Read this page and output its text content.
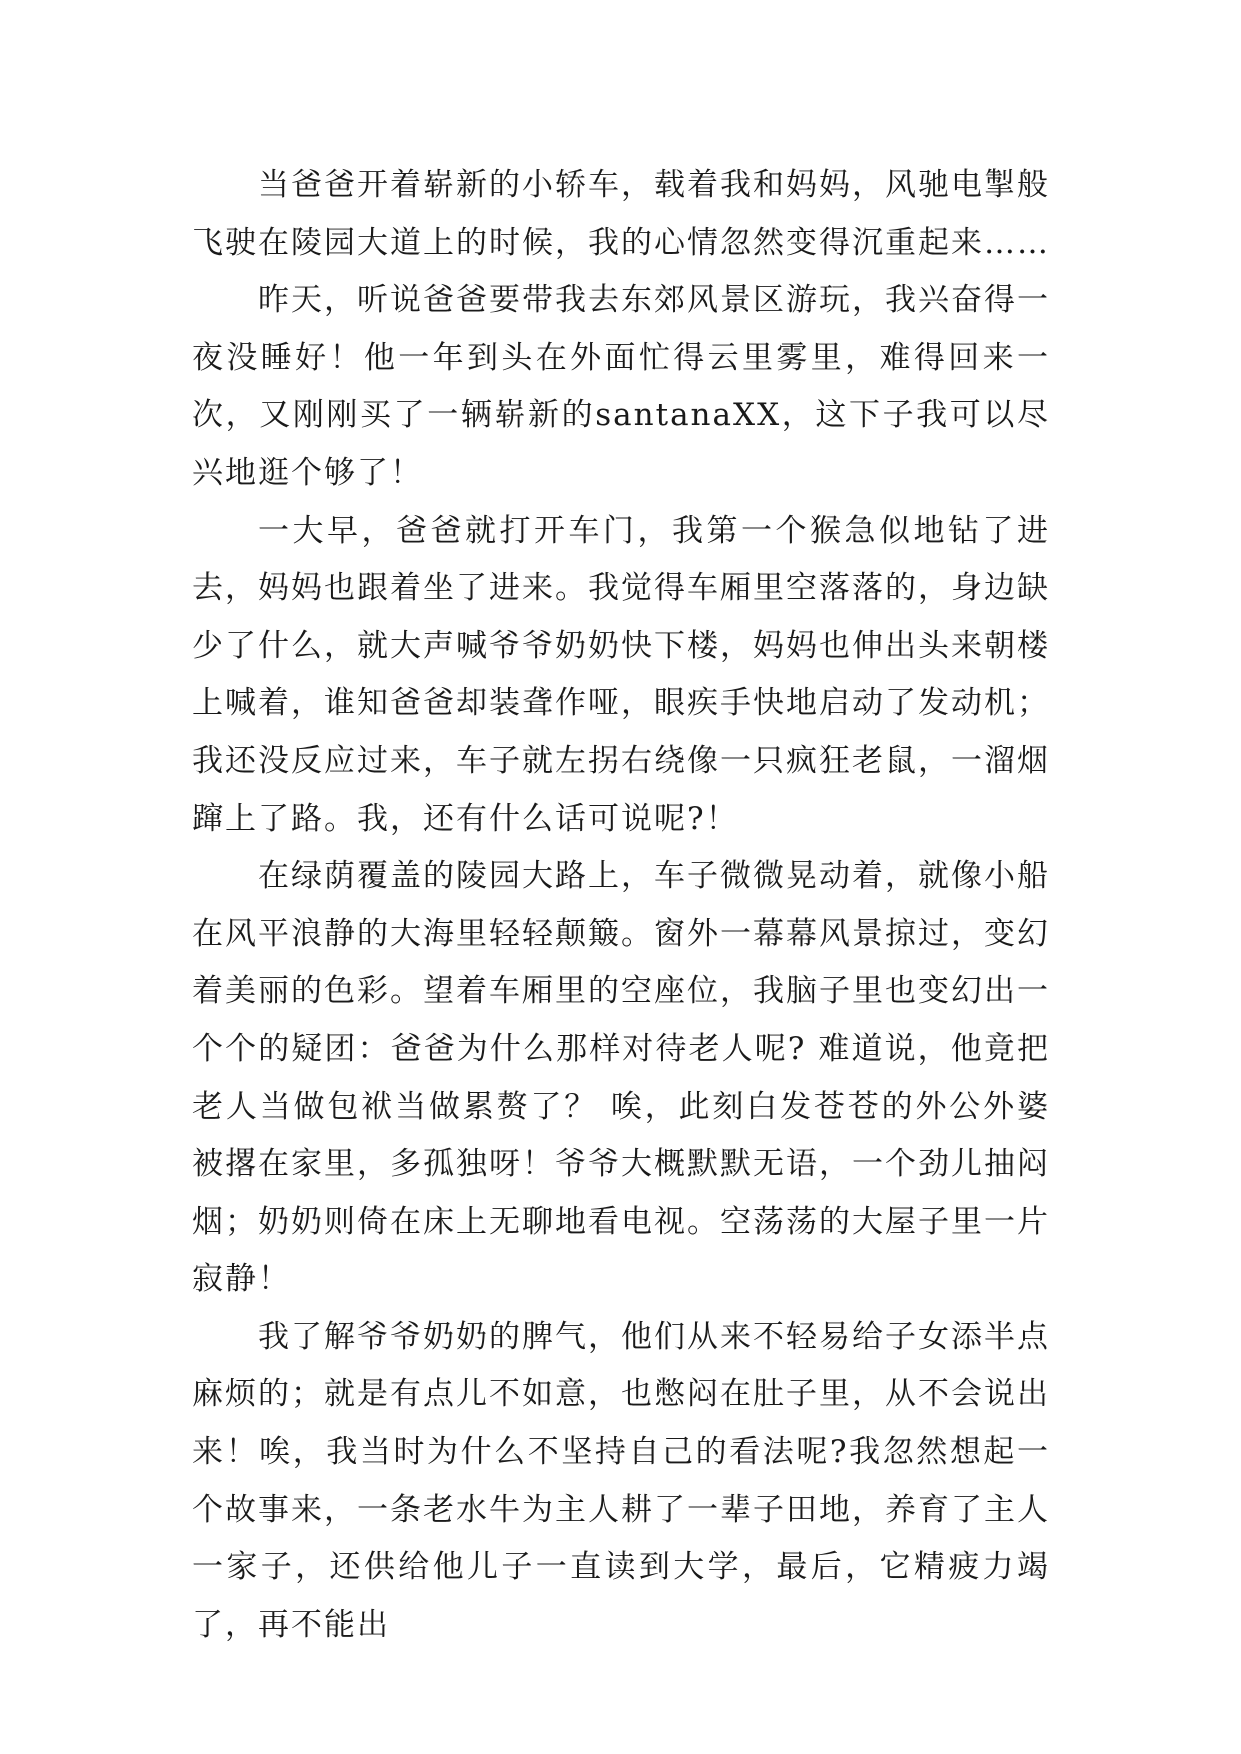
当爸爸开着崭新的小轿车，载着我和妈妈，风驰电掣般飞驶在陵园大道上的时候，我的心情忽然变得沉重起来……

昨天，听说爸爸要带我去东郊风景区游玩，我兴奋得一夜没睡好！他一年到头在外面忙得云里雾里，难得回来一次，又刚刚买了一辆崭新的santanaXX，这下子我可以尽兴地逛个够了！

一大早，爸爸就打开车门，我第一个猴急似地钻了进去，妈妈也跟着坐了进来。我觉得车厢里空落落的，身边缺少了什么，就大声喊爷爷奶奶快下楼，妈妈也伸出头来朝楼上喊着，谁知爸爸却装聋作哑，眼疾手快地启动了发动机；我还没反应过来，车子就左拐右绕像一只疯狂老鼠，一溜烟蹿上了路。我，还有什么话可说呢?！

在绿荫覆盖的陵园大路上，车子微微晃动着，就像小船在风平浪静的大海里轻轻颠簸。窗外一幕幕风景掠过，变幻着美丽的色彩。望着车厢里的空座位，我脑子里也变幻出一个个的疑团：爸爸为什么那样对待老人呢? 难道说，他竟把老人当做包袱当做累赘了？ 唉，此刻白发苍苍的外公外婆被撂在家里，多孤独呀！爷爷大概默默无语，一个劲儿抽闷烟；奶奶则倚在床上无聊地看电视。空荡荡的大屋子里一片寂静！

我了解爷爷奶奶的脾气，他们从来不轻易给子女添半点麻烦的；就是有点儿不如意，也憋闷在肚子里，从不会说出来！唉，我当时为什么不坚持自己的看法呢?我忽然想起一个故事来，一条老水牛为主人耕了一辈子田地，养育了主人一家子，还供给他儿子一直读到大学，最后，它精疲力竭了，再不能出
